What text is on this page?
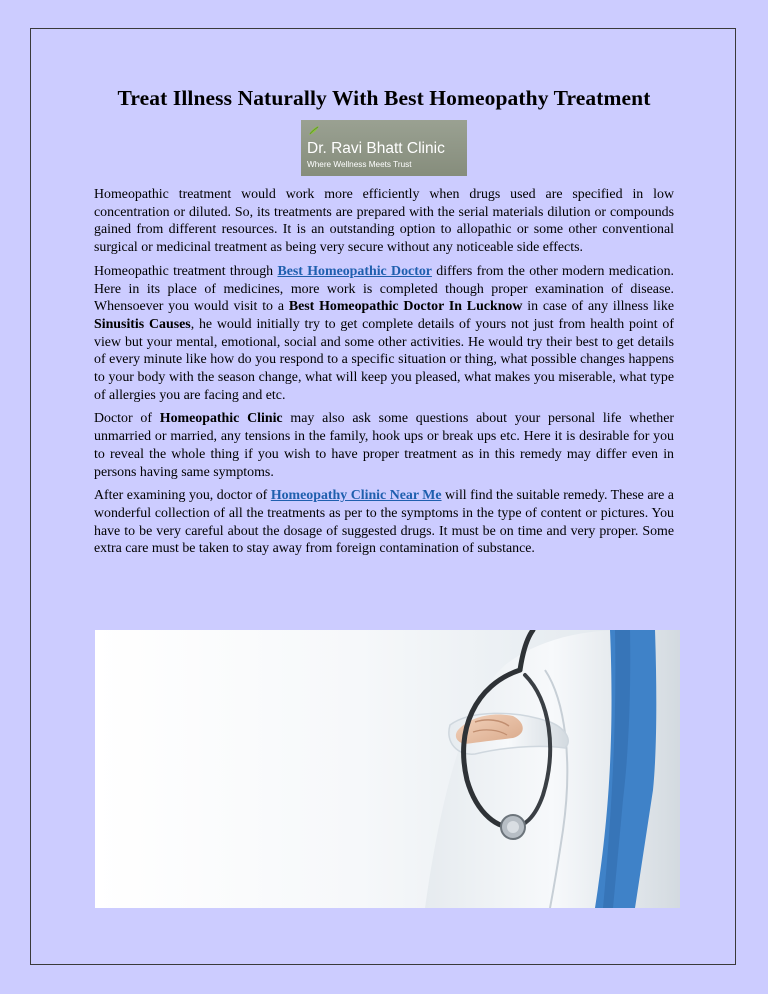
Treat Illness Naturally With Best Homeopathy Treatment
Dr. Ravi Bhatt Clinic
Where Wellness Meets Trust

Homeopathic treatment would work more efficiently when drugs used are specified in low concentration or diluted. So, its treatments are prepared with the serial materials dilution or compounds gained from different resources. It is an outstanding option to allopathic or some other conventional surgical or medicinal treatment as being very secure without any noticeable side effects.

Homeopathic treatment through Best Homeopathic Doctor differs from the other modern medication. Here in its place of medicines, more work is completed though proper examination of disease. Whensoever you would visit to a Best Homeopathic Doctor In Lucknow in case of any illness like Sinusitis Causes, he would initially try to get complete details of yours not just from health point of view but your mental, emotional, social and some other activities. He would try their best to get details of every minute like how do you respond to a specific situation or thing, what possible changes happens to your body with the season change, what will keep you pleased, what makes you miserable, what type of allergies you are facing and etc.

Doctor of Homeopathic Clinic may also ask some questions about your personal life whether unmarried or married, any tensions in the family, hook ups or break ups etc. Here it is desirable for you to reveal the whole thing if you wish to have proper treatment as in this remedy may differ even in persons having same symptoms.

After examining you, doctor of Homeopathy Clinic Near Me will find the suitable remedy. These are a wonderful collection of all the treatments as per to the symptoms in the type of content or pictures. You have to be very careful about the dosage of suggested drugs. It must be on time and very proper. Some extra care must be taken to stay away from foreign contamination of substance.
